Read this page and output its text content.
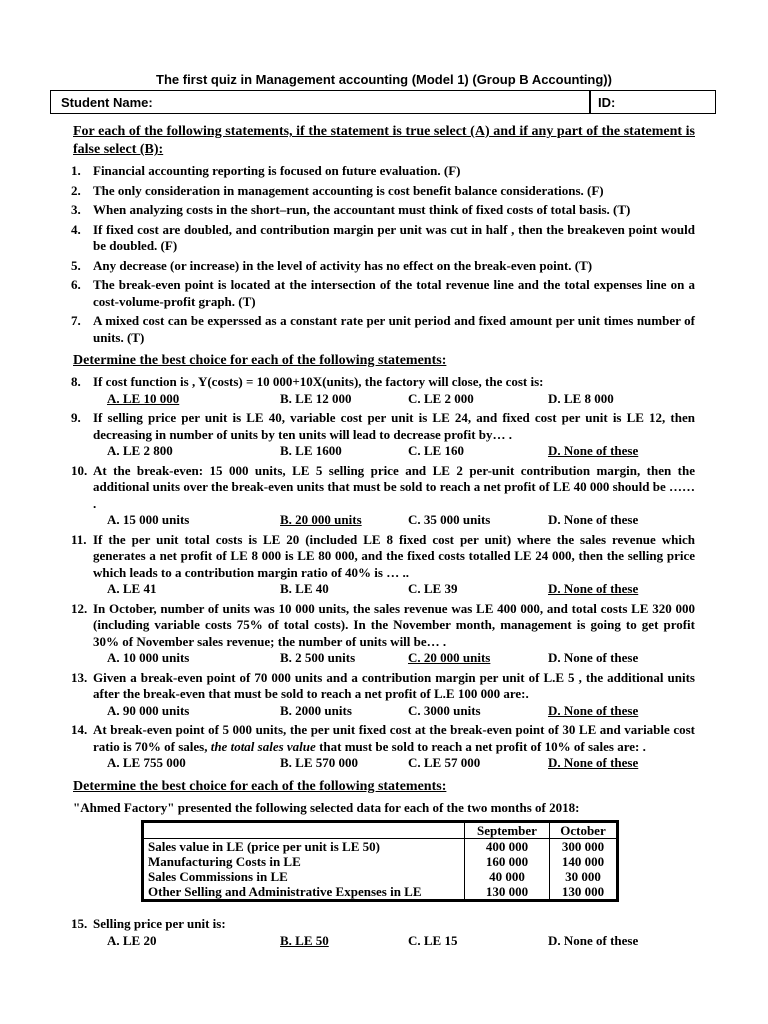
The first quiz in Management accounting (Model 1) (Group B Accounting))
Student Name:	ID:

For each of the following statements, if the statement is true select (A) and if any part of the statement is false select (B):

1. Financial accounting reporting is focused on future evaluation. (F)
2. The only consideration in management accounting is cost benefit balance considerations. (F)
3. When analyzing costs in the short–run, the accountant must think of fixed costs of total basis. (T)
4. If fixed cost are doubled, and contribution margin per unit was cut in half , then the breakeven point would be doubled. (F)
5. Any decrease (or increase) in the level of activity has no effect on the break-even point. (T)
6. The break-even point is located at the intersection of the total revenue line and the total expenses line on a cost-volume-profit graph. (T)
7. A mixed cost can be experssed as a constant rate per unit period and fixed amount per unit times number of units. (T)
Determine the best choice for each of the following statements:
8. If cost function is , Y(costs) = 10 000+10X(units), the factory will close, the cost is:
A. LE 10 000	B. LE 12 000	C. LE 2 000	D. LE 8 000
9. If selling price per unit is LE 40, variable cost per unit is LE 24, and fixed cost per unit is LE 12, then decreasing in number of units by ten units will lead to decrease profit by… .
A. LE 2 800	B. LE 1600	C. LE 160	D. None of these
10. At the break-even: 15 000 units, LE 5 selling price and LE 2 per-unit contribution margin, then the additional units over the break-even units that must be sold to reach a net profit of LE 40 000 should be …… .
A. 15 000 units	B. 20 000 units	C. 35 000 units	D. None of these
11. If the per unit total costs is LE 20 (included LE 8 fixed cost per unit) where the sales revenue which generates a net profit of LE 8 000 is LE 80 000, and the fixed costs totalled LE 24 000, then the selling price which leads to a contribution margin ratio of 40% is … ..
A. LE 41	B. LE 40	C. LE 39	D. None of these
12. In October, number of units was 10 000 units, the sales revenue was LE 400 000, and total costs LE 320 000 (including variable costs 75% of total costs). In the November month, management is going to get profit 30% of November sales revenue; the number of units will be… .
A. 10 000 units	B. 2 500 units	C. 20 000 units	D. None of these
13. Given a break-even point of 70 000 units and a contribution margin per unit of L.E 5 , the additional units after the break-even that must be sold to reach a net profit of L.E 100 000 are:.
A. 90 000 units	B. 2000 units	C. 3000 units	D. None of these
14. At break-even point of 5 000 units, the per unit fixed cost at the break-even point of 30 LE and variable cost ratio is 70% of sales, the total sales value that must be sold to reach a net profit of 10% of sales are: .
A. LE 755 000	B. LE 570 000	C. LE 57 000	D. None of these
Determine the best choice for each of the following statements:
"Ahmed Factory" presented the following selected data for each of the two months of 2018:
	September	October
Sales value in LE (price per unit is LE 50)	400 000	300 000
Manufacturing Costs in LE	160 000	140 000
Sales Commissions in LE	40 000	30 000
Other Selling and Administrative Expenses in LE	130 000	130 000
15. Selling price per unit is:
A. LE 20	B. LE 50	C. LE 15	D. None of these
